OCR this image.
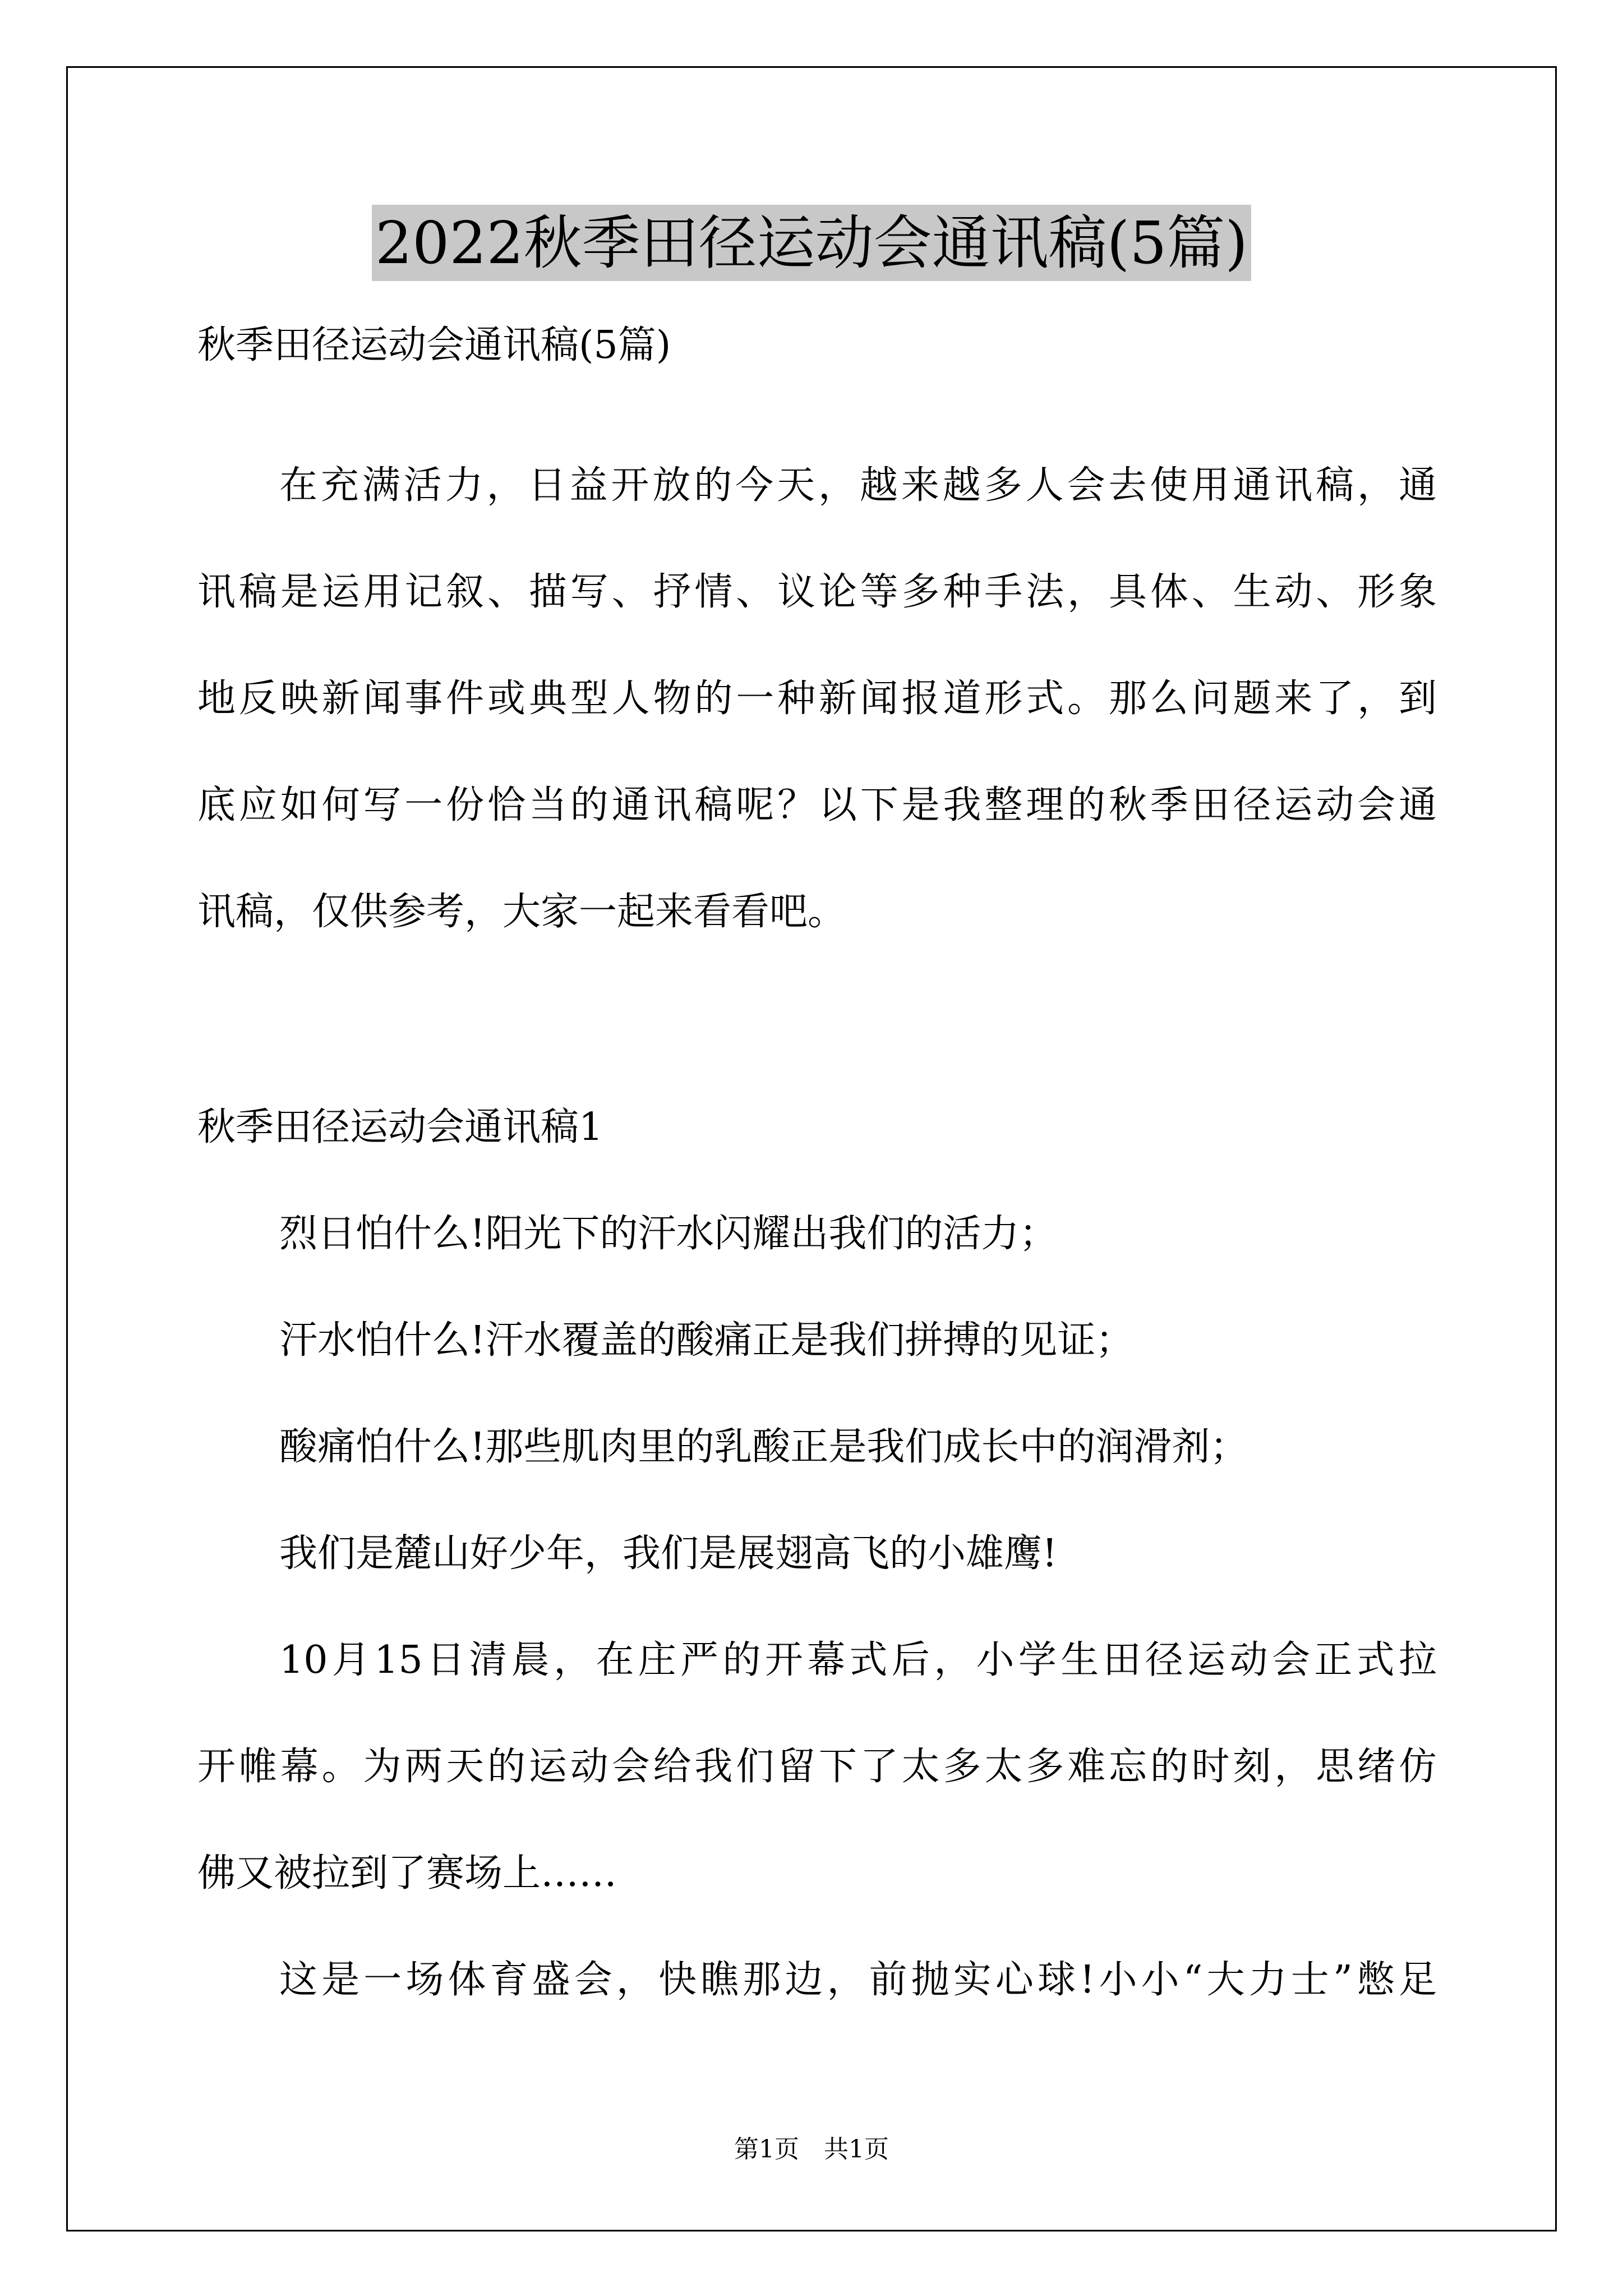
2022秋季田径运动会通讯稿(5篇)
秋季田径运动会通讯稿(5篇)
在充满活力，日益开放的今天，越来越多人会去使用通讯稿，通
讯稿是运用记叙、描写、抒情、议论等多种手法，具体、生动、形象
地反映新闻事件或典型人物的一种新闻报道形式。那么问题来了，到
底应如何写一份恰当的通讯稿呢？以下是我整理的秋季田径运动会通
讯稿，仅供参考，大家一起来看看吧。
秋季田径运动会通讯稿1
烈日怕什么!阳光下的汗水闪耀出我们的活力；
汗水怕什么!汗水覆盖的酸痛正是我们拼搏的见证；
酸痛怕什么!那些肌肉里的乳酸正是我们成长中的润滑剂；
我们是麓山好少年，我们是展翅高飞的小雄鹰!
10月15日清晨，在庄严的开幕式后，小学生田径运动会正式拉
开帷幕。为两天的运动会给我们留下了太多太多难忘的时刻，思绪仿
佛又被拉到了赛场上……
这是一场体育盛会，快瞧那边，前抛实心球!小小“大力士”憋足
第1页　共1页
